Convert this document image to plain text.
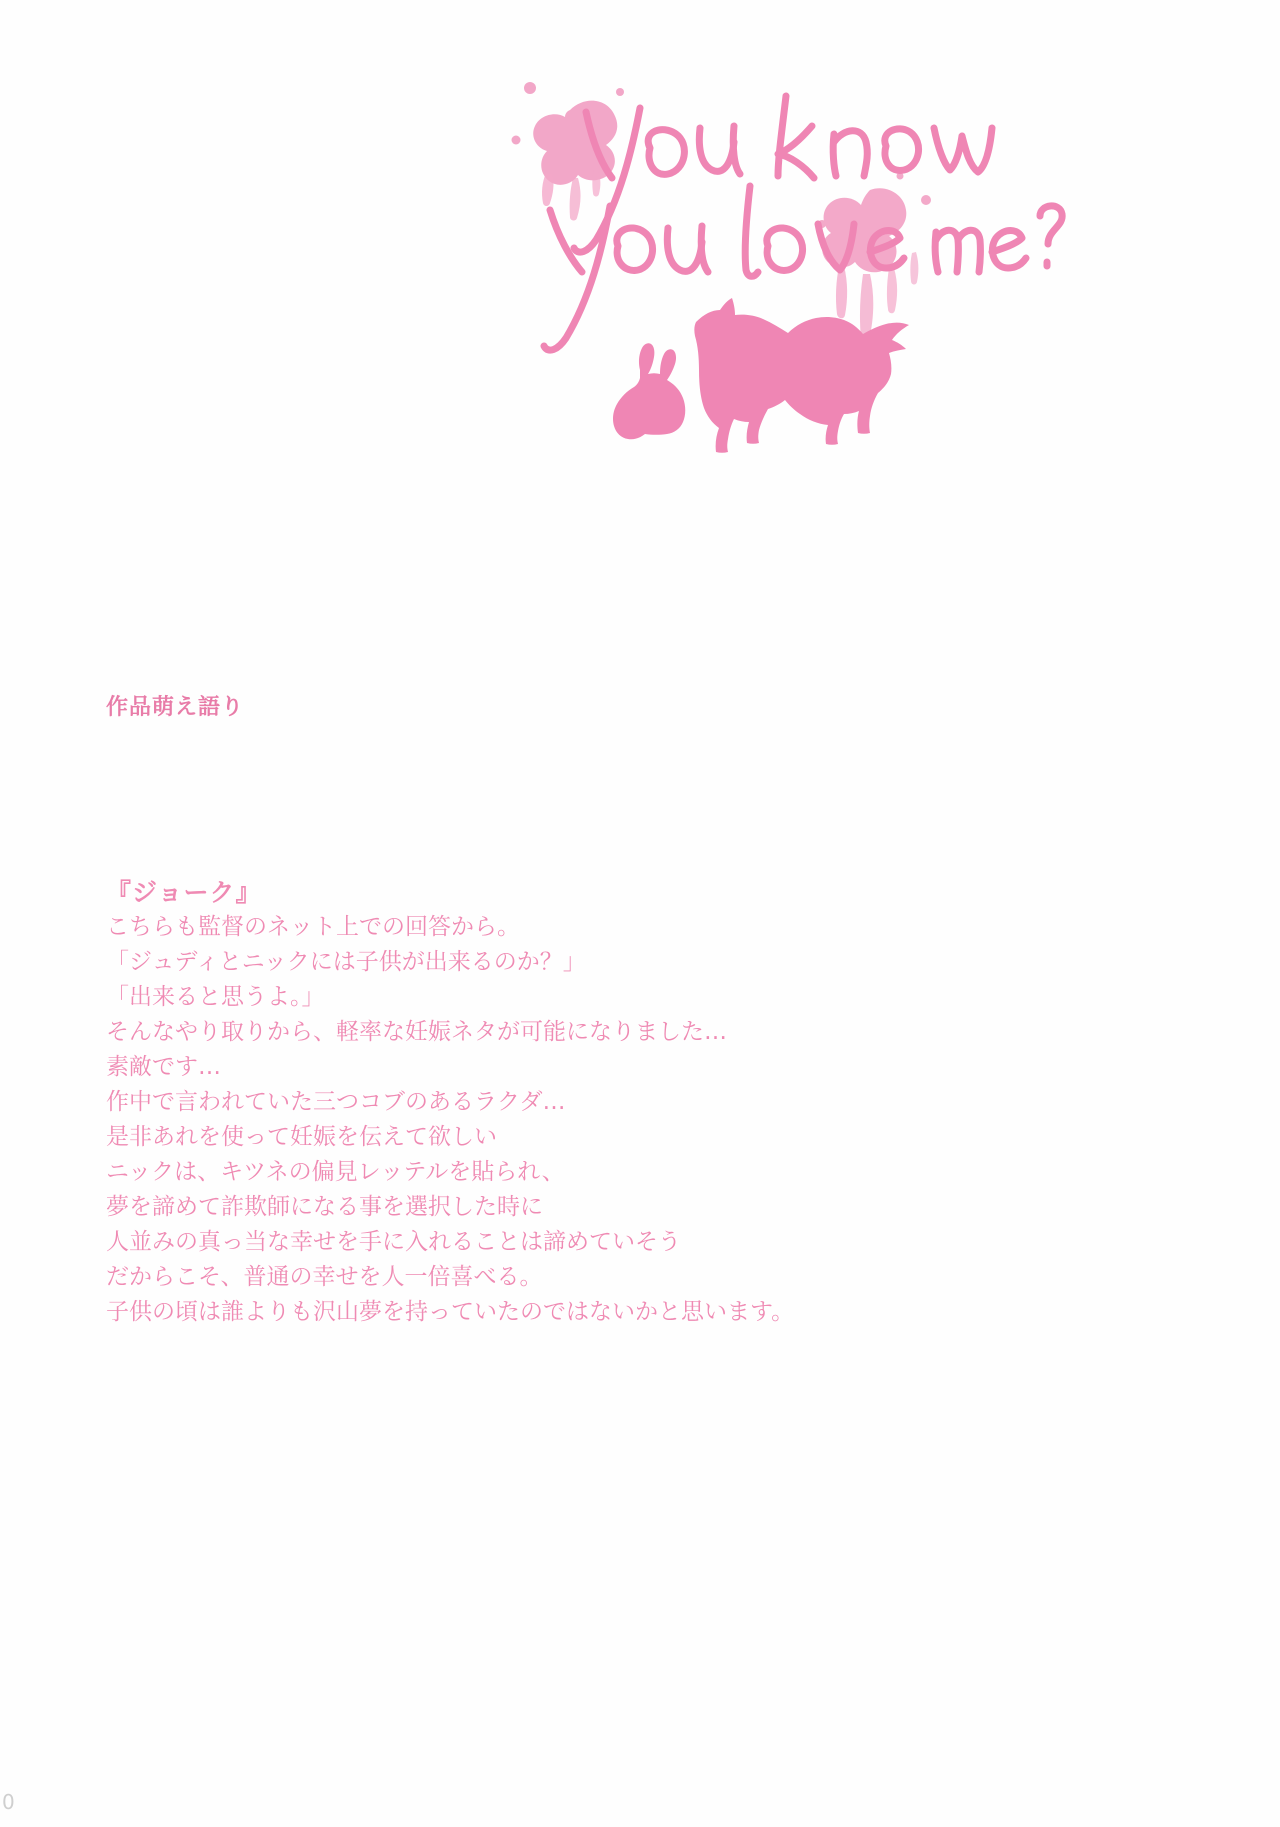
作品萌え語り
『ジョーク』
こちらも監督のネット上での回答から。
「ジュディとニックには子供が出来るのか？」
「出来ると思うよ。」
そんなやり取りから、軽率な妊娠ネタが可能になりました…
素敵です…
作中で言われていた三つコブのあるラクダ…
是非あれを使って妊娠を伝えて欲しい
ニックは、キツネの偏見レッテルを貼られ、
夢を諦めて詐欺師になる事を選択した時に
人並みの真っ当な幸せを手に入れることは諦めていそう
だからこそ、普通の幸せを人一倍喜べる。
子供の頃は誰よりも沢山夢を持っていたのではないかと思います。
0
